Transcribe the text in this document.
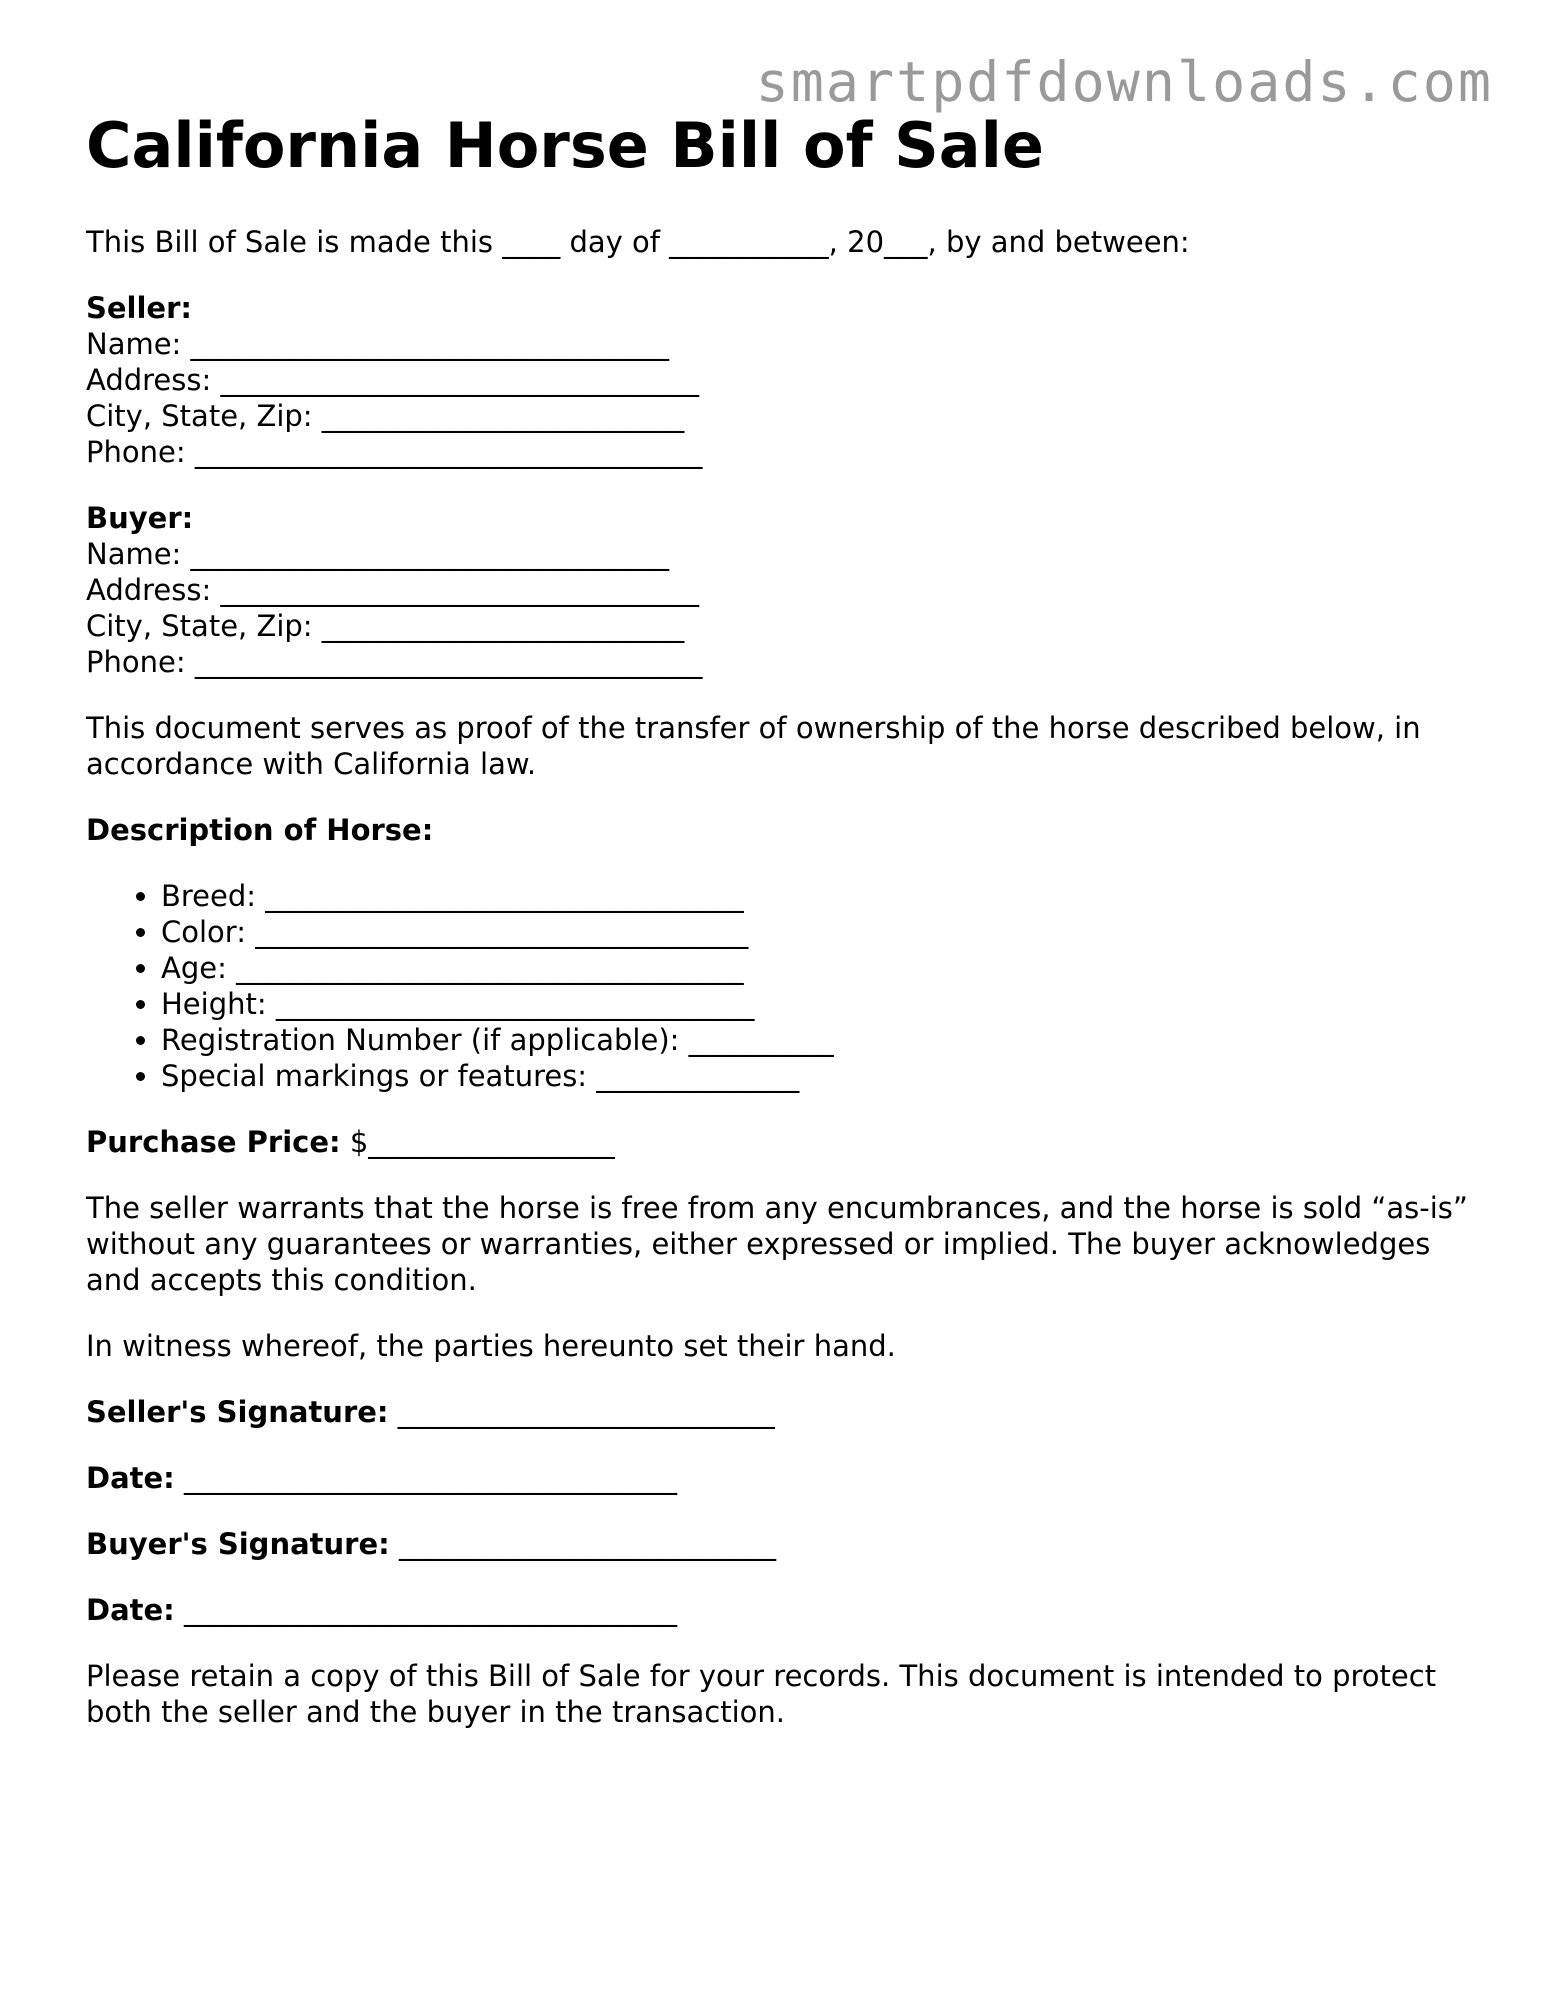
smartpdfdownloads.com
California Horse Bill of Sale

This Bill of Sale is made this ____ day of ___________, 20___, by and between:

Seller:
Name: _________________________________
Address: _________________________________
City, State, Zip: _________________________
Phone: ___________________________________
Buyer:
Name: _________________________________
Address: _________________________________
City, State, Zip: _________________________
Phone: ___________________________________

This document serves as proof of the transfer of ownership of the horse described below, in accordance with California law.

Description of Horse:
• Breed: _________________________________
• Color: __________________________________
• Age: ___________________________________
• Height: _________________________________
• Registration Number (if applicable): __________
• Special markings or features: ______________

Purchase Price: $_________________

The seller warrants that the horse is free from any encumbrances, and the horse is sold “as-is” without any guarantees or warranties, either expressed or implied. The buyer acknowledges and accepts this condition.

In witness whereof, the parties hereunto set their hand.

Seller's Signature: __________________________

Date: __________________________________

Buyer's Signature: __________________________

Date: __________________________________

Please retain a copy of this Bill of Sale for your records. This document is intended to protect both the seller and the buyer in the transaction.
